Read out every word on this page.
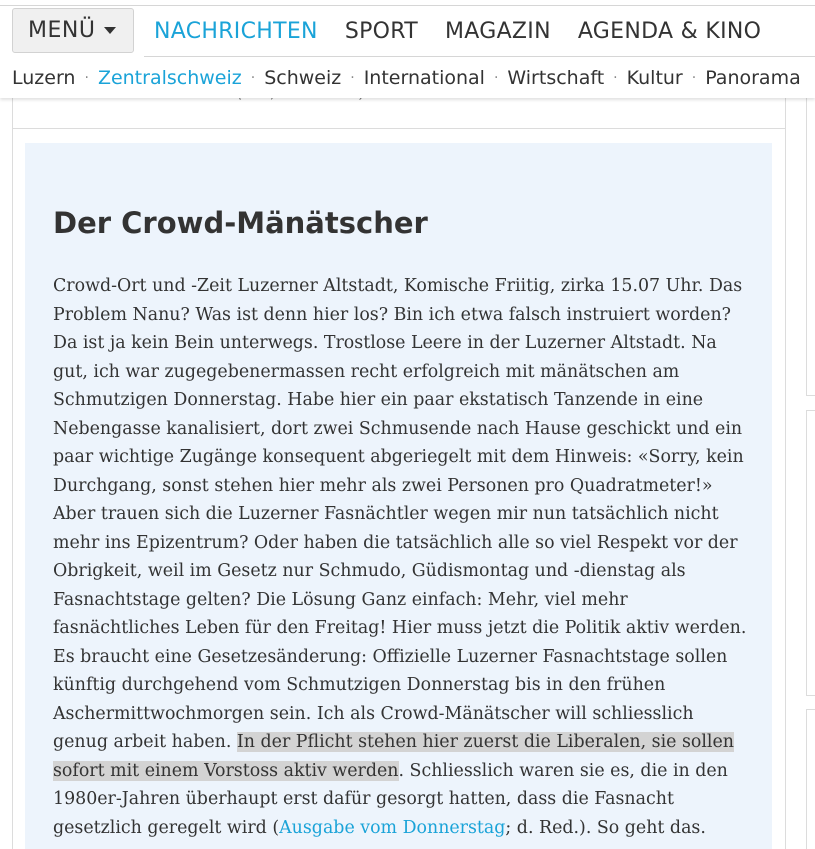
Der Crowd-Mänätscher

Crowd-Ort und -Zeit Luzerner Altstadt, Komische Friitig, zirka 15.07 Uhr. Das Problem Nanu? Was ist denn hier los? Bin ich etwa falsch instruiert worden? Da ist ja kein Bein unterwegs. Trostlose Leere in der Luzerner Altstadt. Na gut, ich war zugegebenermassen recht erfolgreich mit mänätschen am Schmutzigen Donnerstag. Habe hier ein paar ekstatisch Tanzende in eine Nebengasse kanalisiert, dort zwei Schmusende nach Hause geschickt und ein paar wichtige Zugänge konsequent abgeriegelt mit dem Hinweis: «Sorry, kein Durchgang, sonst stehen hier mehr als zwei Personen pro Quadratmeter!» Aber trauen sich die Luzerner Fasnächtler wegen mir nun tatsächlich nicht mehr ins Epizentrum? Oder haben die tatsächlich alle so viel Respekt vor der Obrigkeit, weil im Gesetz nur Schmudo, Güdismontag und -dienstag als Fasnachtstage gelten? Die Lösung Ganz einfach: Mehr, viel mehr fasnächtliches Leben für den Freitag! Hier muss jetzt die Politik aktiv werden. Es braucht eine Gesetzesänderung: Offizielle Luzerner Fasnachtstage sollen künftig durchgehend vom Schmutzigen Donnerstag bis in den frühen Aschermittwochmorgen sein. Ich als Crowd-Mänätscher will schliesslich genug arbeit haben. In der Pflicht stehen hier zuerst die Liberalen, sie sollen sofort mit einem Vorstoss aktiv werden. Schliesslich waren sie es, die in den 1980er-Jahren überhaupt erst dafür gesorgt hatten, dass die Fasnacht gesetzlich geregelt wird (Ausgabe vom Donnerstag; d. Red.). So geht das.

MENÜ	NACHRICHTEN SPORT MAGAZIN AGENDA & KINO
Luzern · Zentralschweiz · Schweiz · International · Wirtschaft · Kultur · Panorama
